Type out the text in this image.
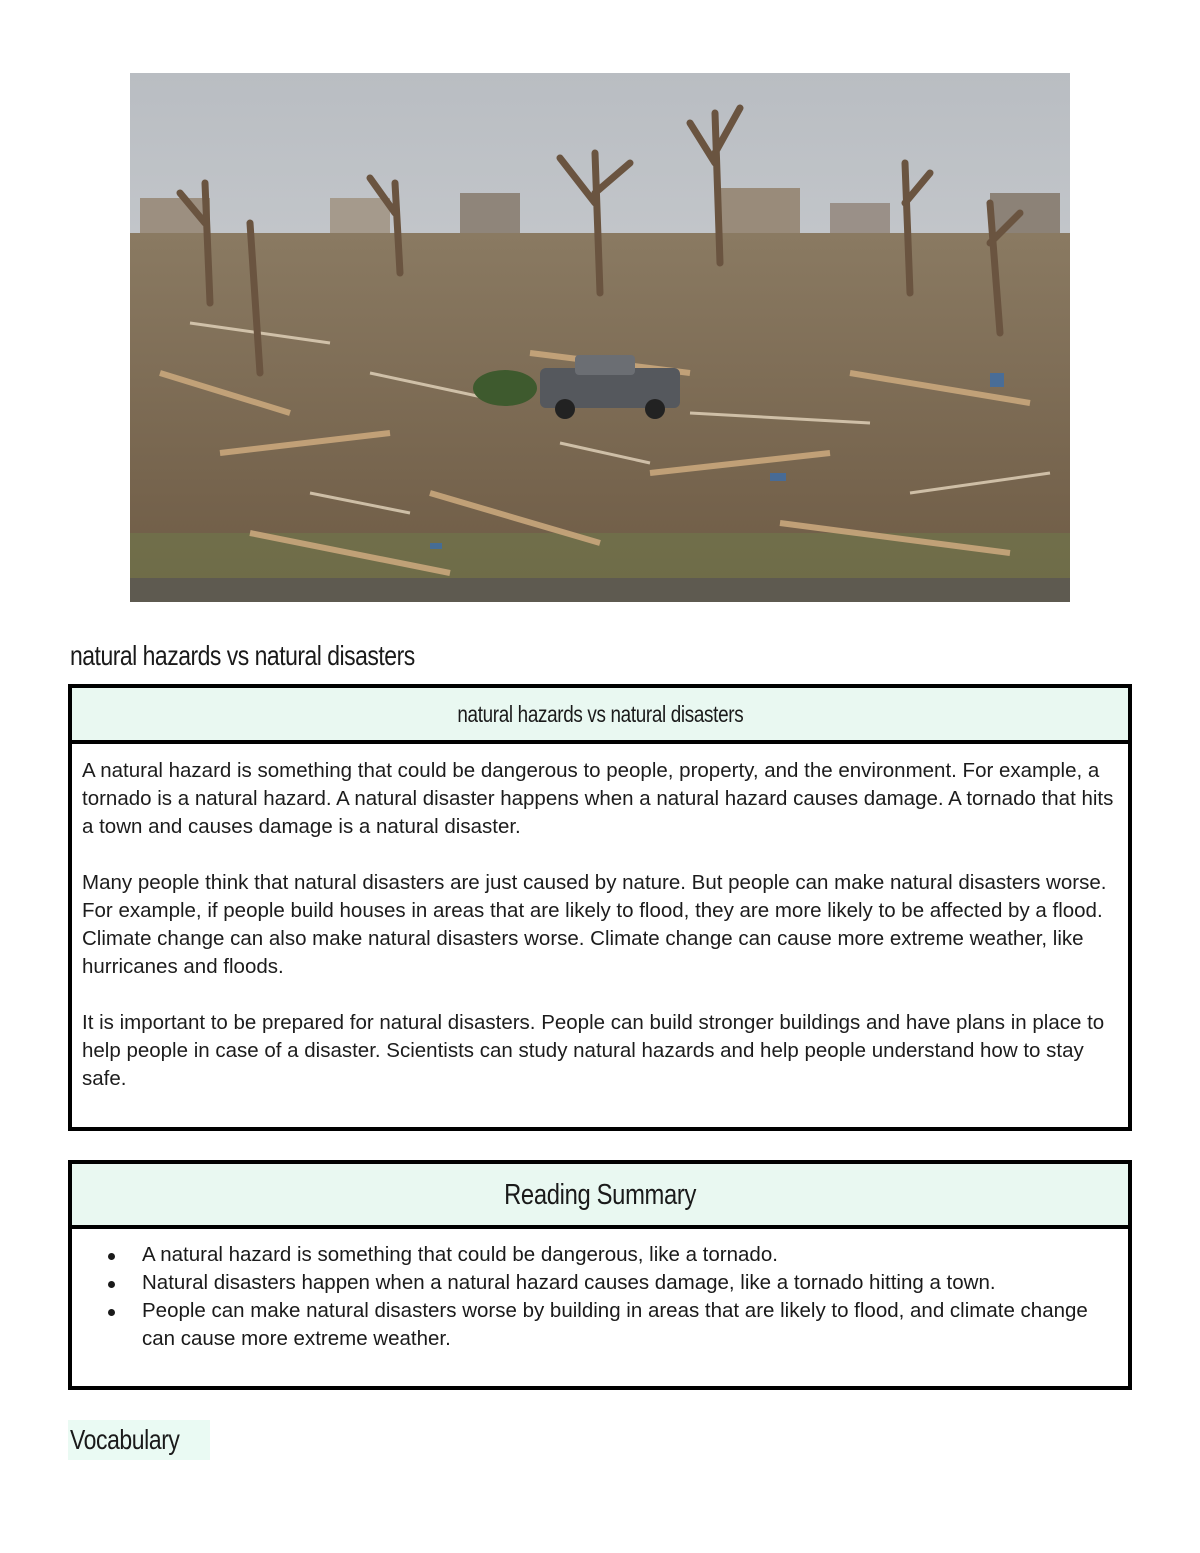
natural hazards vs natural disasters
natural hazards vs natural disasters

A natural hazard is something that could be dangerous to people, property, and the environment. For example, a tornado is a natural hazard. A natural disaster happens when a natural hazard causes damage. A tornado that hits a town and causes damage is a natural disaster.

Many people think that natural disasters are just caused by nature. But people can make natural disasters worse. For example, if people build houses in areas that are likely to flood, they are more likely to be affected by a flood. Climate change can also make natural disasters worse. Climate change can cause more extreme weather, like hurricanes and floods.

It is important to be prepared for natural disasters. People can build stronger buildings and have plans in place to help people in case of a disaster. Scientists can study natural hazards and help people understand how to stay safe.

Reading Summary
A natural hazard is something that could be dangerous, like a tornado.
Natural disasters happen when a natural hazard causes damage, like a tornado hitting a town.
People can make natural disasters worse by building in areas that are likely to flood, and climate change can cause more extreme weather.
Vocabulary
